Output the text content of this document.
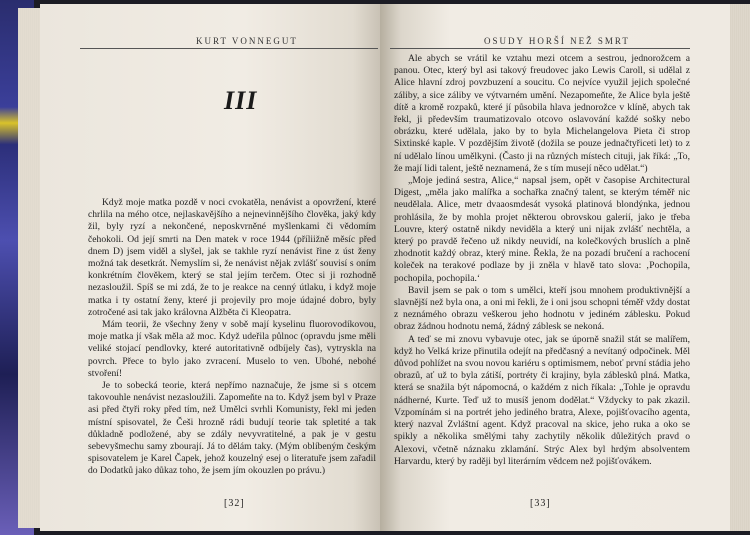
KURT VONNEGUT
III

Když moje matka pozdě v noci cvokatěla, nenávist a opovržení, které chrlila na mého otce, nejlaskavějšího a nejnevinnějšího člověka, jaký kdy žil, byly ryzí a nekončené, neposkvrněné myšlenkami či vědomím čehokoli. Od její smrti na Den matek v roce 1944 (příliižně měsíc před dnem D) jsem viděl a slyšel, jak se takhle ryzí nenávist řine z úst ženy možná tak desetkrát. Nemyslím si, že nenávist nějak zvlášť souvisí s oním konkrétním člověkem, který se stal jejím terčem. Otec si ji rozhodně nezasloužil. Spíš se mi zdá, že to je reakce na cenný útlaku, i když moje matka i ty ostatní ženy, které ji projevily pro moje údajné dobro, byly zotročené asi tak jako královna Alžběta či Kleopatra.

Mám teorii, že všechny ženy v sobě mají kyselinu fluorovodíkovou, moje matka jí však měla až moc. Když udeřila půlnoc (opravdu jsme měli veliké stojací pendlovky, které autoritativně odbíjely čas), vytryskla na povrch. Přece to bylo jako zvracení. Muselo to ven. Ubohé, nebohé stvoření!

Je to sobecká teorie, která nepřímo naznačuje, že jsme si s otcem takovouhle nenávist nezasloužili. Zapomeňte na to. Když jsem byl v Praze asi před čtyři roky před tím, než Umělci svrhli Komunisty, řekl mi jeden místní spisovatel, že Češi hrozně rádi budují teorie tak spletité a tak důkladně podložené, aby se zdály nevyvratitelné, a pak je v gestu sebevyšmechu samy zbourají. Já to dělám taky. (Mým oblíbeným českým spisovatelem je Karel Čapek, jehož kouzelný esej o literatuře jsem zařadil do Dodatků jako důkaz toho, že jsem jím okouzlen po právu.)

[32]
OSUDY HORŠÍ NEŽ SMRT

Ale abych se vrátil ke vztahu mezi otcem a sestrou, jednorožcem a panou. Otec, který byl asi takový freudovec jako Lewis Caroll, si udělal z Alice hlavní zdroj povzbuzení a soucitu. Co nejvíce využil jejich společné záliby, a sice záliby ve výtvarném umění. Nezapomeňte, že Alice byla ještě dítě a kromě rozpaků, které jí působila hlava jednorožce v klíně, abych tak řekl, ji především traumatizovalo otcovo oslavování každé sošky nebo obrázku, které udělala, jako by to byla Michelangelova Pieta či strop Sixtinské kaple. V pozdějším životě (dožila se pouze jednačtyřiceti let) to z ní udělalo línou umělkyni. (Často ji na různých místech cituji, jak říká: „To, že mají lidi talent, ještě neznamená, že s tím musejí něco udělat.“)

„Moje jediná sestra, Alice,“ napsal jsem, opět v časopise Architectural Digest, „měla jako malířka a sochařka značný talent, se kterým téměř nic neudělala. Alice, metr dvaaosmdesát vysoká platinová blondýnka, jednou prohlásila, že by mohla projet některou obrovskou galerií, jako je třeba Louvre, který ostatně nikdy neviděla a který uni nijak zvlášť nechtěla, a který po pravdě řečeno už nikdy neuvidí, na kolečkových bruslích a plně zhodnotit každý obraz, který mine. Řekla, že na pozadí bručení a rachocení koleček na terakové podlaze by ji zněla v hlavě tato slova: ‚Pochopila, pochopila, pochopila.‘

Bavil jsem se pak o tom s umělci, kteří jsou mnohem produktivnější a slavnější než byla ona, a oni mi řekli, že i oni jsou schopni téměř vždy dostat z neznámého obrazu veškerou jeho hodnotu v jediném záblesku. Pokud obraz žádnou hodnotu nemá, žádný záblesk se nekoná.

A teď se mi znovu vybavuje otec, jak se úporně snažil stát se malířem, když ho Velká krize přinutila odejít na předčasný a nevítaný odpočinek. Měl důvod pohlížet na svou novou kariéru s optimismem, neboť první stádia jeho obrazů, ať už to byla zátiší, portréty či krajiny, byla záblesků plná. Matka, která se snažila být nápomocná, o každém z nich říkala: „Tohle je opravdu nádherné, Kurte. Teď už to musíš jenom dodělat.“ Vždycky to pak zkazil. Vzpomínám si na portrét jeho jediného bratra, Alexe, pojišťovacího agenta, který nazval Zvláštní agent. Když pracoval na skice, jeho ruka a oko se spikly a několika smělými tahy zachytily několik důležitých pravd o Alexovi, včetně náznaku zklamání. Strýc Alex byl hrdým absolventem Harvardu, který by raději byl literárním vědcem než pojišťovákem.

[33]
